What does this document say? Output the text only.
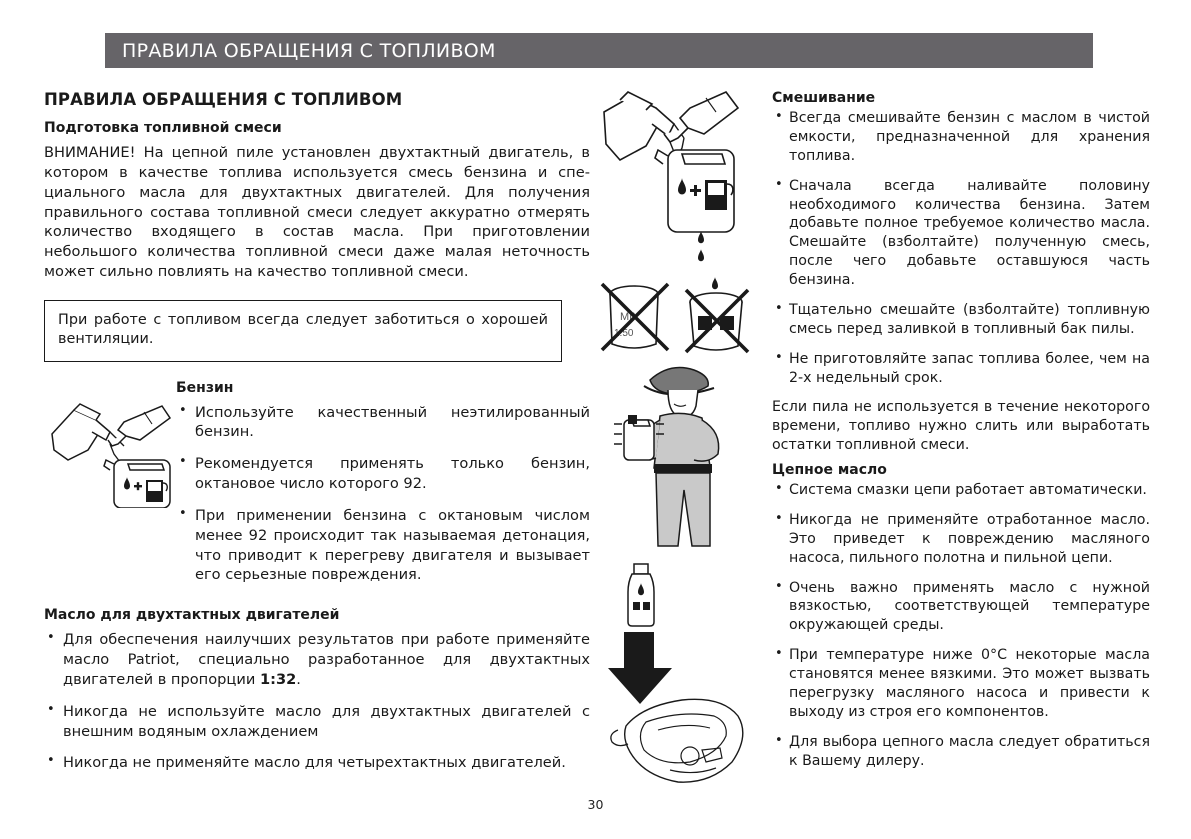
ПРАВИЛА ОБРАЩЕНИЯ С ТОПЛИВОМ
ПРАВИЛА ОБРАЩЕНИЯ С ТОПЛИВОМ
Подготовка топливной смеси

ВНИМАНИЕ! На цепной пиле установлен двухтактный двигатель, в котором в качестве топлива используется смесь бензина и специального масла для двухтактных двигателей. Для получения правильного состава топливной смеси следует аккуратно отмерять количество входящего в состав масла. При приготовлении небольшого количества топливной смеси даже малая неточность может сильно повлиять на качество топливной смеси.

При работе с топливом всегда следует заботиться о хорошей вентиляции.

Бензин
• Используйте качественный неэтилированный бензин.
• Рекомендуется применять только бензин, октановое число которого 92.
• При применении бензина с октановым числом менее 92 происходит так называемая детонация, что приводит к перегреву двигателя и вызывает его серьезные повреждения.
Масло для двухтактных двигателей
• Для обеспечения наилучших результатов при работе применяйте масло Patriot, специально разработанное для двухтактных двигателей в пропорции 1:32.
• Никогда не используйте масло для двухтактных двигателей с внешним водяным охлаждением
• Никогда не применяйте масло для четырехтактных двигателей.
MIX
1:50
Смешивание
• Всегда смешивайте бензин с маслом в чистой емкости, предназначенной для хранения топлива.
• Сначала всегда наливайте половину необходимого количества бензина. Затем добавьте полное требуемое количество масла. Смешайте (взболтайте) полученную смесь, после чего добавьте оставшуюся часть бензина.
• Тщательно смешайте (взболтайте) топливную смесь перед заливкой в топливный бак пилы.
• Не приготовляйте запас топлива более, чем на 2-х недельный срок.

Если пила не используется в течение некоторого времени, топливо нужно слить или выработать остатки топливной смеси.

Цепное масло
• Система смазки цепи работает автоматически.
• Никогда не применяйте отработанное масло. Это приведет к повреждению масляного насоса, пильного полотна и пильной цепи.
• Очень важно применять масло с нужной вязкостью, соответствующей температуре окружающей среды.
• При температуре ниже 0°С некоторые масла становятся менее вязкими. Это может вызвать перегрузку масляного насоса и привести к выходу из строя его компонентов.
• Для выбора цепного масла следует обратиться к Вашему дилеру.
30
